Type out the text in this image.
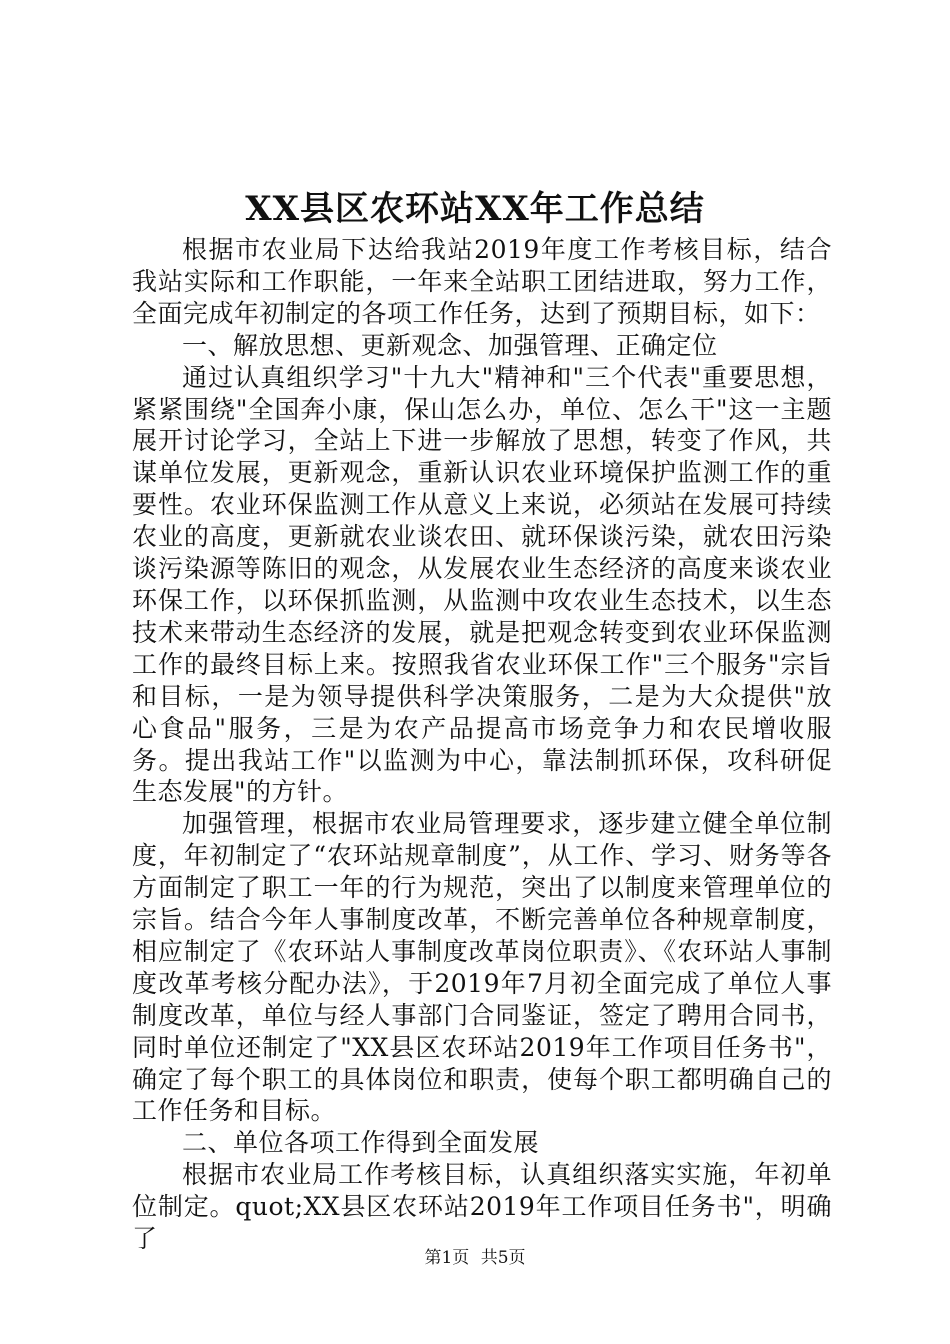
XX县区农环站XX年工作总结

根据市农业局下达给我站2019年度工作考核目标，结合我站实际和工作职能，一年来全站职工团结进取，努力工作，全面完成年初制定的各项工作任务，达到了预期目标，如下：

一、解放思想、更新观念、加强管理、正确定位

通过认真组织学习"十九大"精神和"三个代表"重要思想，紧紧围绕"全国奔小康，保山怎么办，单位、怎么干"这一主题展开讨论学习，全站上下进一步解放了思想，转变了作风，共谋单位发展，更新观念，重新认识农业环境保护监测工作的重要性。农业环保监测工作从意义上来说，必须站在发展可持续农业的高度，更新就农业谈农田、就环保谈污染，就农田污染谈污染源等陈旧的观念，从发展农业生态经济的高度来谈农业环保工作，以环保抓监测，从监测中攻农业生态技术，以生态技术来带动生态经济的发展，就是把观念转变到农业环保监测工作的最终目标上来。按照我省农业环保工作"三个服务"宗旨和目标，一是为领导提供科学决策服务，二是为大众提供"放心食品"服务，三是为农产品提高市场竞争力和农民增收服务。提出我站工作"以监测为中心，靠法制抓环保，攻科研促生态发展"的方针。

加强管理，根据市农业局管理要求，逐步建立健全单位制度，年初制定了“农环站规章制度”，从工作、学习、财务等各方面制定了职工一年的行为规范，突出了以制度来管理单位的宗旨。结合今年人事制度改革，不断完善单位各种规章制度，相应制定了《农环站人事制度改革岗位职责》、《农环站人事制度改革考核分配办法》，于2019年7月初全面完成了单位人事制度改革，单位与经人事部门合同鉴证，签定了聘用合同书，同时单位还制定了"XX县区农环站2019年工作项目任务书"，确定了每个职工的具体岗位和职责，使每个职工都明确自己的工作任务和目标。

二、单位各项工作得到全面发展

根据市农业局工作考核目标，认真组织落实实施，年初单位制定。quot;XX县区农环站2019年工作项目任务书"，明确了

第1页 共5页
